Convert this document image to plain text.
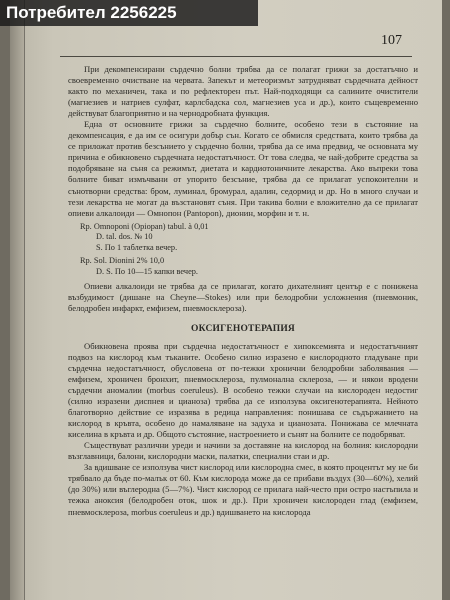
107

При декомпенсирани сърдечно болни трябва да се полагат грижи за достатъчно и своевременно очистване на червата. Запекът и метеоризмът затрудняват сърдечната дейност както по механичен, така и по рефлекторен път. Най-подходящи са салините очистители (магнезиев и натриев сулфат, карлсбадска сол, магнезиев уса и др.), които същевременно действуват благоприятно и на чернодробната функция.

Една от основните грижи за сърдечно болните, особено тези в състояние на декомпенсация, е да им се осигури добър сън. Когато се обмисля средствата, които трябва да се приложат против безсънието у сърдечно болни, трябва да се има предвид, че основната му причина е обикновено сърдечната недостатъчност. От това следва, че най-добрите средства за подобряване на съня са режимът, диетата и кардиотоничните лекарства. Ако въпреки това болните биват измъчвани от упорито безсъние, трябва да се прилагат успокоителни и сънотворни средства: бром, луминал, бромурал, адалин, седормид и др. Но в много случаи и тези лекарства не могат да възстановят съня. При такива болни е вложително да се прилагат опиеви алкалоиди — Омнопон (Pantopon), дионин, морфин и т. н.

Rp. Omnoponi (Opiopan) tabul. à 0,01
D. tal. dos. № 10
S. По 1 таблетка вечер.
Rp. Sol. Dionini 2% 10,0
D. S. По 10—15 капки вечер.

Опиеви алкалоиди не трябва да се прилагат, когато дихателният център е с понижена възбудимост (дишане на Cheyne—Stokes) или при белодробни усложнения (пневмоник, белодробен инфаркт, емфизем, пневмосклероза).

ОКСИГЕНОТЕРАПИЯ

Обикновена проява при сърдечна недостатъчност е хипоксемията и недостатъчният подвоз на кислород към тъканите. Особено силно изразено е кислородното гладуване при сърдечна недостатъчност, обусловена от по-тежки хронични белодробни заболявания — емфизем, хроничен бронхит, пневмосклероза, пулмонална склероза, — и някои вродени сърдечни аномалии (morbus coeruleus). В особено тежки случаи на кислороден недостиг (силно изразени диспнея и цианоза) трябва да се използува оксигенотерапията. Нейното благотворно действие се изразява в редица направления: понишава се съдържанието на кислород в кръвта, особено до намаляване на задуха и цианозата. Понижава се млечната киселина в кръвта и др. Общото състояние, настроението и сънят на болните се подобряват.

Съществуват различни уреди и начини за доставяне на кислород на болния: кислородни възглавници, балони, кислородни маски, палатки, специални стаи и др.

За вдишване се използува чист кислород или кислородна смес, в която процентът му не би трябвало да бъде по-малък от 60. Към кислорода може да се прибави въздух (30—60%), хелий (до 30%) или въглеродна (5—7%). Чист кислород се прилага най-често при остро настъпила и тежка аноксия (белодробен оток, шок и др.). При хроничен кислороден глад (емфизем, пневмосклероза, morbus coeruleus и др.) вдишването на кислорода

Потребител 2256225
